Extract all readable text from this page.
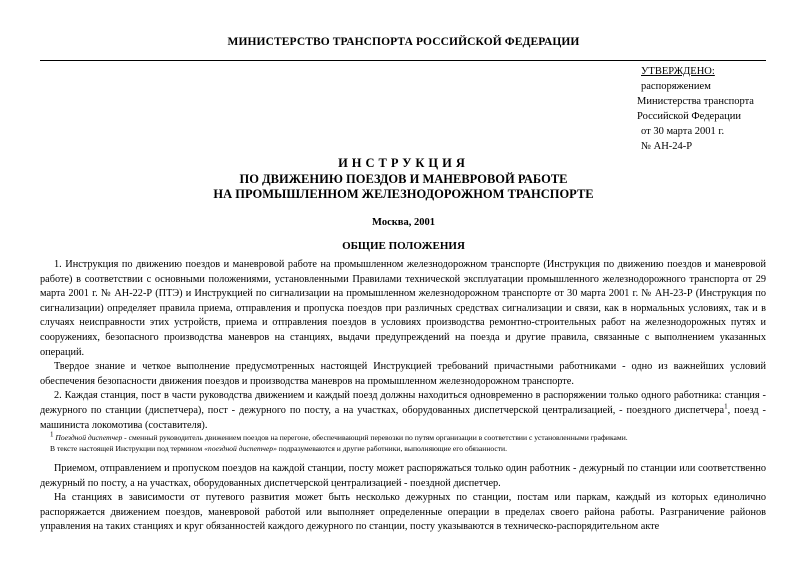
МИНИСТЕРСТВО ТРАНСПОРТА РОССИЙСКОЙ ФЕДЕРАЦИИ
УТВЕРЖДЕНО:
распоряжением
Министерства транспорта
Российской Федерации
от 30 марта 2001 г.
№ АН-24-Р
ИНСТРУКЦИЯ
ПО ДВИЖЕНИЮ ПОЕЗДОВ И МАНЕВРОВОЙ РАБОТЕ
НА ПРОМЫШЛЕННОМ ЖЕЛЕЗНОДОРОЖНОМ ТРАНСПОРТЕ
Москва, 2001
ОБЩИЕ ПОЛОЖЕНИЯ

1. Инструкция по движению поездов и маневровой работе на промышленном железнодорожном транспорте (Инструкция по движению поездов и маневровой работе) в соответствии с основными положениями, установленными Правилами технической эксплуатации промышленного железнодорожного транспорта от 29 марта 2001 г. № АН-22-Р (ПТЭ) и Инструкцией по сигнализации на промышленном железнодорожном транспорте от 30 марта 2001 г. № АН-23-Р (Инструкция по сигнализации) определяет правила приема, отправления и пропуска поездов при различных средствах сигнализации и связи, как в нормальных условиях, так и в случаях неисправности этих устройств, приема и отправления поездов в условиях производства ремонтно-строительных работ на железнодорожных путях и сооружениях, безопасного производства маневров на станциях, выдачи предупреждений на поезда и другие правила, связанные с выполнением указанных операций.

Твердое знание и четкое выполнение предусмотренных настоящей Инструкцией требований причастными работниками - одно из важнейших условий обеспечения безопасности движения поездов и производства маневров на промышленном железнодорожном транспорте.

2. Каждая станция, пост в части руководства движением и каждый поезд должны находиться одновременно в распоряжении только одного работника: станция - дежурного по станции (диспетчера), пост - дежурного по посту, а на участках, оборудованных диспетчерской централизацией, - поездного диспетчера$^1$, поезд - машиниста локомотива (составителя).

$^1$ Поездной диспетчер - сменный руководитель движением поездов на перегоне, обеспечивающий перевозки по путям организации в соответствии с установленными графиками.

В тексте настоящей Инструкции под термином «поездной диспетчер» подразумеваются и другие работники, выполняющие его обязанности.

Приемом, отправлением и пропуском поездов на каждой станции, посту может распоряжаться только один работник - дежурный по станции или соответственно дежурный по посту, а на участках, оборудованных диспетчерской централизацией - поездной диспетчер.

На станциях в зависимости от путевого развития может быть несколько дежурных по станции, постам или паркам, каждый из которых единолично распоряжается движением поездов, маневровой работой или выполняет определенные операции в пределах своего района работы. Разграничение районов управления на таких станциях и круг обязанностей каждого дежурного по станции, посту указываются в техническо-распорядительном акте
